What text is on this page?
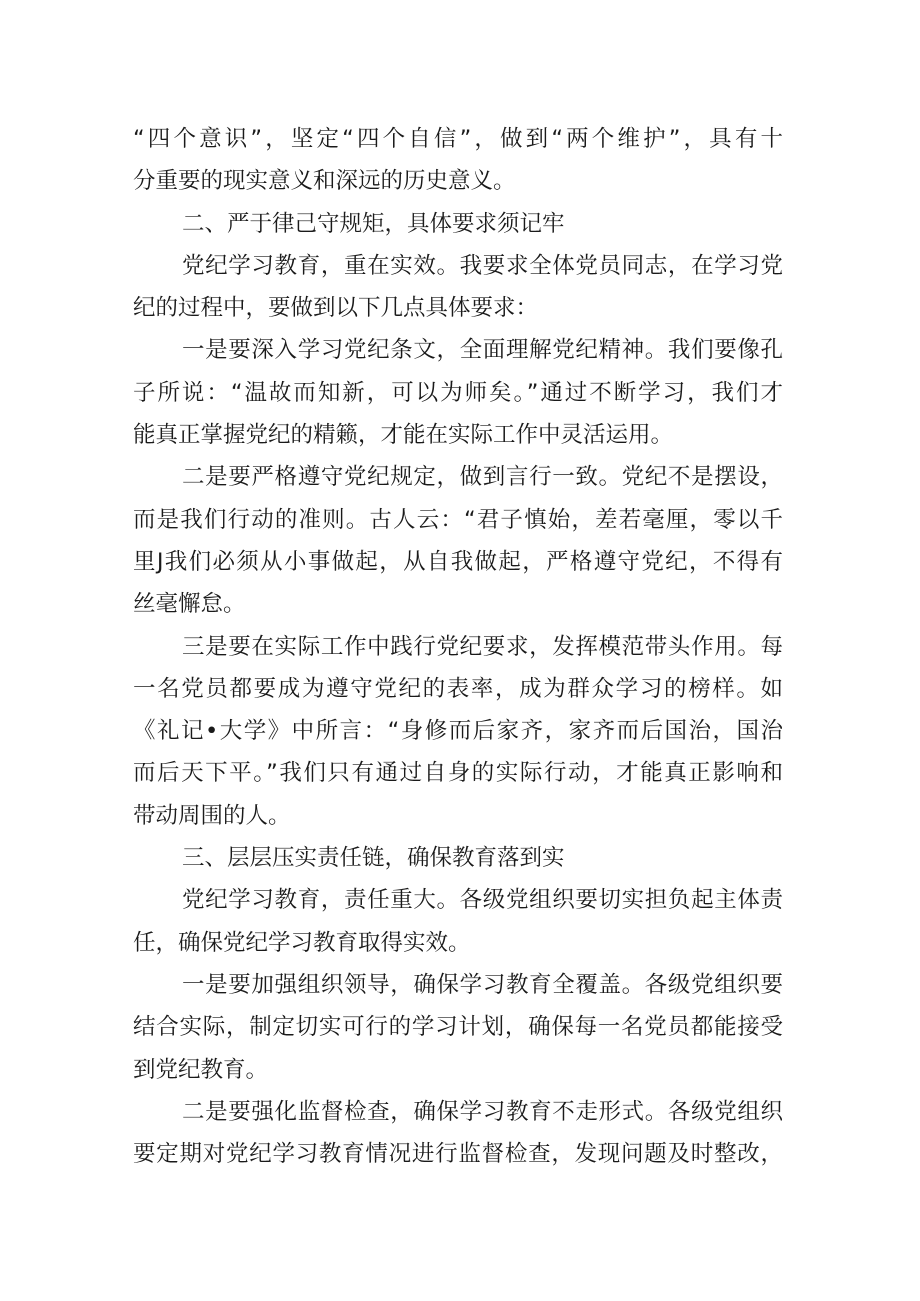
“四个意识”，坚定“四个自信”，做到“两个维护”，具有十
分重要的现实意义和深远的历史意义。
二、严于律己守规矩，具体要求须记牢
党纪学习教育，重在实效。我要求全体党员同志，在学习党
纪的过程中，要做到以下几点具体要求：
一是要深入学习党纪条文，全面理解党纪精神。我们要像孔
子所说：“温故而知新，可以为师矣。”通过不断学习，我们才
能真正掌握党纪的精籁，才能在实际工作中灵活运用。
二是要严格遵守党纪规定，做到言行一致。党纪不是摆设，
而是我们行动的准则。古人云：“君子慎始，差若毫厘，零以千
里J我们必须从小事做起，从自我做起，严格遵守党纪，不得有
丝毫懈怠。
三是要在实际工作中践行党纪要求，发挥模范带头作用。每
一名党员都要成为遵守党纪的表率，成为群众学习的榜样。如
《礼记•大学》中所言：“身修而后家齐，家齐而后国治，国治
而后天下平。”我们只有通过自身的实际行动，才能真正影响和
带动周围的人。
三、层层压实责任链，确保教育落到实
党纪学习教育，责任重大。各级党组织要切实担负起主体责
任，确保党纪学习教育取得实效。
一是要加强组织领导，确保学习教育全覆盖。各级党组织要
结合实际，制定切实可行的学习计划，确保每一名党员都能接受
到党纪教育。
二是要强化监督检查，确保学习教育不走形式。各级党组织
要定期对党纪学习教育情况进行监督检查，发现问题及时整改，
